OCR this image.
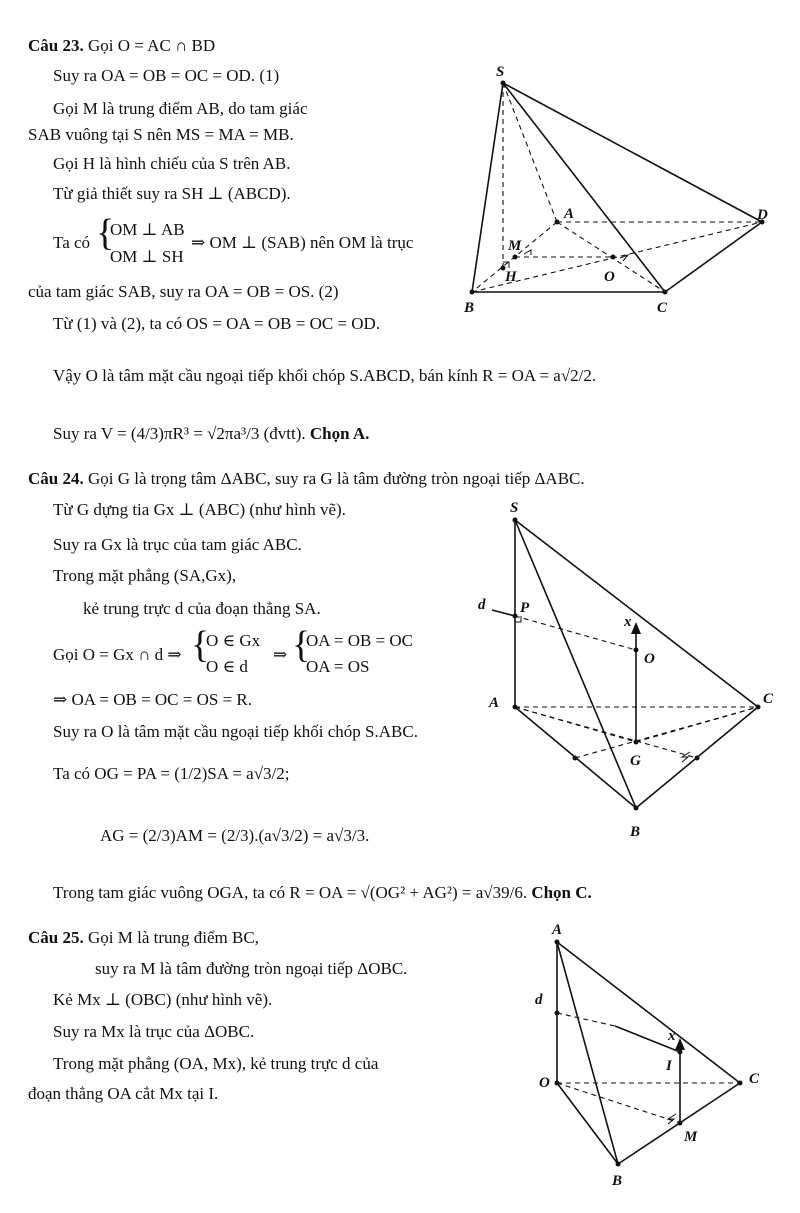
Câu 23. Gọi O = AC ∩ BD
Suy ra OA = OB = OC = OD. (1)
Gọi M là trung điểm AB, do tam giác
SAB vuông tại S nên MS = MA = MB.
Gọi H là hình chiếu của S trên AB.
Từ giả thiết suy ra SH ⊥ (ABCD).
Ta có {
OM ⊥ AB
OM ⊥ SH
⇒ OM ⊥ (SAB) nên OM là trục
của tam giác SAB, suy ra OA = OB = OS. (2)
Từ (1) và (2), ta có OS = OA = OB = OC = OD.
Vậy O là tâm mặt cầu ngoại tiếp khối chóp S.ABCD, bán kính R = OA = a√2/2.
Suy ra V = (4/3)πR³ = √2πa³/3 (đvtt). Chọn A.
S
A	D
M
H	O
B	C
Câu 24. Gọi G là trọng tâm ΔABC, suy ra G là tâm đường tròn ngoại tiếp ΔABC.
Từ G dựng tia Gx ⊥ (ABC) (như hình vẽ).
Suy ra Gx là trục của tam giác ABC.
Trong mặt phẳng (SA,Gx),
kẻ trung trực d của đoạn thẳng SA.
Gọi O = Gx ∩ d ⇒ {
O ∈ Gx
O ∈ d
⇒ {
OA = OB = OC
OA = OS
⇒ OA = OB = OC = OS = R.
Suy ra O là tâm mặt cầu ngoại tiếp khối chóp S.ABC.
Ta có OG = PA = (1/2)SA = a√3/2;
AG = (2/3)AM = (2/3).(a√3/2) = a√3/3.
Trong tam giác vuông OGA, ta có R = OA = √(OG² + AG²) = a√39/6. Chọn C.
S
d P
x
O
A	C
G
B
Câu 25. Gọi M là trung điểm BC,
suy ra M là tâm đường tròn ngoại tiếp ΔOBC.
Kẻ Mx ⊥ (OBC) (như hình vẽ).
Suy ra Mx là trục của ΔOBC.
Trong mặt phẳng (OA, Mx), kẻ trung trực d của
đoạn thẳng OA cắt Mx tại I.
A
d
x
I
O	C
M
B
